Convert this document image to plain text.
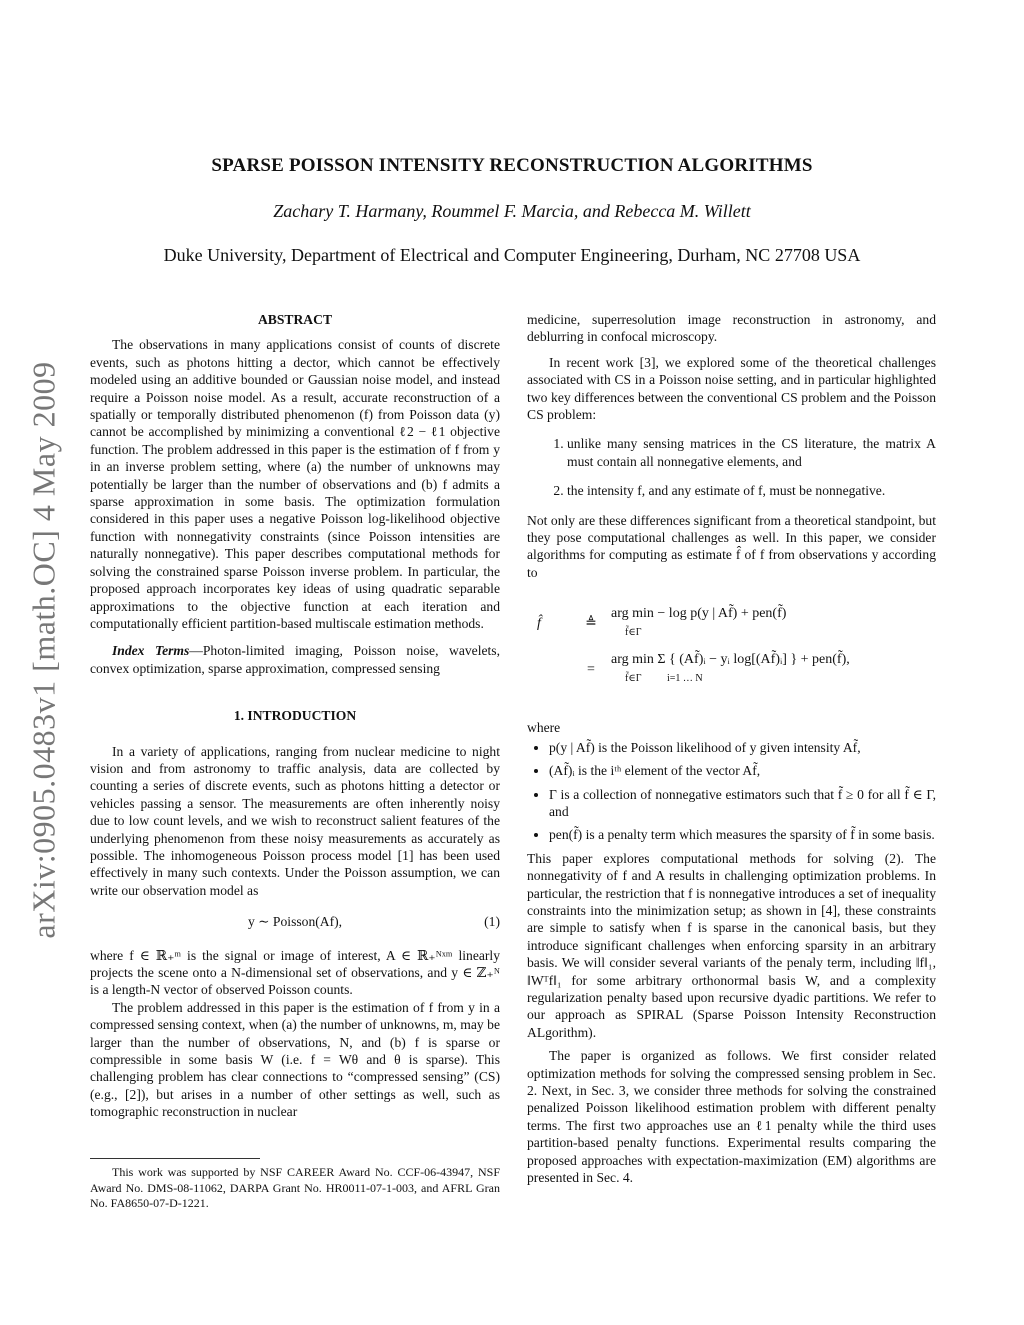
arXiv:0905.0483v1 [math.OC] 4 May 2009
SPARSE POISSON INTENSITY RECONSTRUCTION ALGORITHMS
Zachary T. Harmany, Roummel F. Marcia, and Rebecca M. Willett
Duke University, Department of Electrical and Computer Engineering, Durham, NC 27708 USA
ABSTRACT

The observations in many applications consist of counts of discrete events, such as photons hitting a dector, which cannot be effectively modeled using an additive bounded or Gaussian noise model, and instead require a Poisson noise model. As a result, accurate reconstruction of a spatially or temporally distributed phenomenon (f) from Poisson data (y) cannot be accomplished by minimizing a conventional ℓ2 − ℓ1 objective function. The problem addressed in this paper is the estimation of f from y in an inverse problem setting, where (a) the number of unknowns may potentially be larger than the number of observations and (b) f admits a sparse approximation in some basis. The optimization formulation considered in this paper uses a negative Poisson log-likelihood objective function with nonnegativity constraints (since Poisson intensities are naturally nonnegative). This paper describes computational methods for solving the constrained sparse Poisson inverse problem. In particular, the proposed approach incorporates key ideas of using quadratic separable approximations to the objective function at each iteration and computationally efficient partition-based multiscale estimation methods.

Index Terms—Photon-limited imaging, Poisson noise, wavelets, convex optimization, sparse approximation, compressed sensing

1. INTRODUCTION

In a variety of applications, ranging from nuclear medicine to night vision and from astronomy to traffic analysis, data are collected by counting a series of discrete events, such as photons hitting a detector or vehicles passing a sensor. The measurements are often inherently noisy due to low count levels, and we wish to reconstruct salient features of the underlying phenomenon from these noisy measurements as accurately as possible. The inhomogeneous Poisson process model [1] has been used effectively in many such contexts. Under the Poisson assumption, we can write our observation model as

y ∼ Poisson(Af),	(1)

where f ∈ ℝ₊ᵐ is the signal or image of interest, A ∈ ℝ₊ᴺˣᵐ linearly projects the scene onto a N-dimensional set of observations, and y ∈ ℤ₊ᴺ is a length-N vector of observed Poisson counts.

The problem addressed in this paper is the estimation of f from y in a compressed sensing context, when (a) the number of unknowns, m, may be larger than the number of observations, N, and (b) f is sparse or compressible in some basis W (i.e. f = Wθ and θ is sparse). This challenging problem has clear connections to “compressed sensing” (CS) (e.g., [2]), but arises in a number of other settings as well, such as tomographic reconstruction in nuclear

This work was supported by NSF CAREER Award No. CCF-06-43947, NSF Award No. DMS-08-11062, DARPA Grant No. HR0011-07-1-003, and AFRL Gran No. FA8650-07-D-1221.

medicine, superresolution image reconstruction in astronomy, and deblurring in confocal microscopy.

In recent work [3], we explored some of the theoretical challenges associated with CS in a Poisson noise setting, and in particular highlighted two key differences between the conventional CS problem and the Poisson CS problem:

1. unlike many sensing matrices in the CS literature, the matrix A must contain all nonnegative elements, and
2. the intensity f, and any estimate of f, must be nonnegative.

Not only are these differences significant from a theoretical standpoint, but they pose computational challenges as well. In this paper, we consider algorithms for computing as estimate f̂ of f from observations y according to

f̂	≜
arg min − log p(y | Af̃) + pen(f̃)
f̃∈Γ
=
arg min Σ { (Af̃)ᵢ − yᵢ log[(Af̃)ᵢ] } + pen(f̃),
f̃∈Γ	i=1 … N

where

• p(y | Af̃) is the Poisson likelihood of y given intensity Af̃,
• (Af̃)ᵢ is the iᵗʰ element of the vector Af̃,
• Γ is a collection of nonnegative estimators such that f̃ ≥ 0 for all f̃ ∈ Γ, and
• pen(f̃) is a penalty term which measures the sparsity of f̃ in some basis.

This paper explores computational methods for solving (2). The nonnegativity of f and A results in challenging optimization problems. In particular, the restriction that f is nonnegative introduces a set of inequality constraints into the minimization setup; as shown in [4], these constraints are simple to satisfy when f is sparse in the canonical basis, but they introduce significant challenges when enforcing sparsity in an arbitrary basis. We will consider several variants of the penaly term, including ‖f‖₁, ‖Wᵀf‖₁ for some arbitrary orthonormal basis W, and a complexity regularization penalty based upon recursive dyadic partitions. We refer to our approach as SPIRAL (Sparse Poisson Intensity Reconstruction ALgorithm).

The paper is organized as follows. We first consider related optimization methods for solving the compressed sensing problem in Sec. 2. Next, in Sec. 3, we consider three methods for solving the constrained penalized Poisson likelihood estimation problem with different penalty terms. The first two approaches use an ℓ1 penalty while the third uses partition-based penalty functions. Experimental results comparing the proposed approaches with expectation-maximization (EM) algorithms are presented in Sec. 4.
